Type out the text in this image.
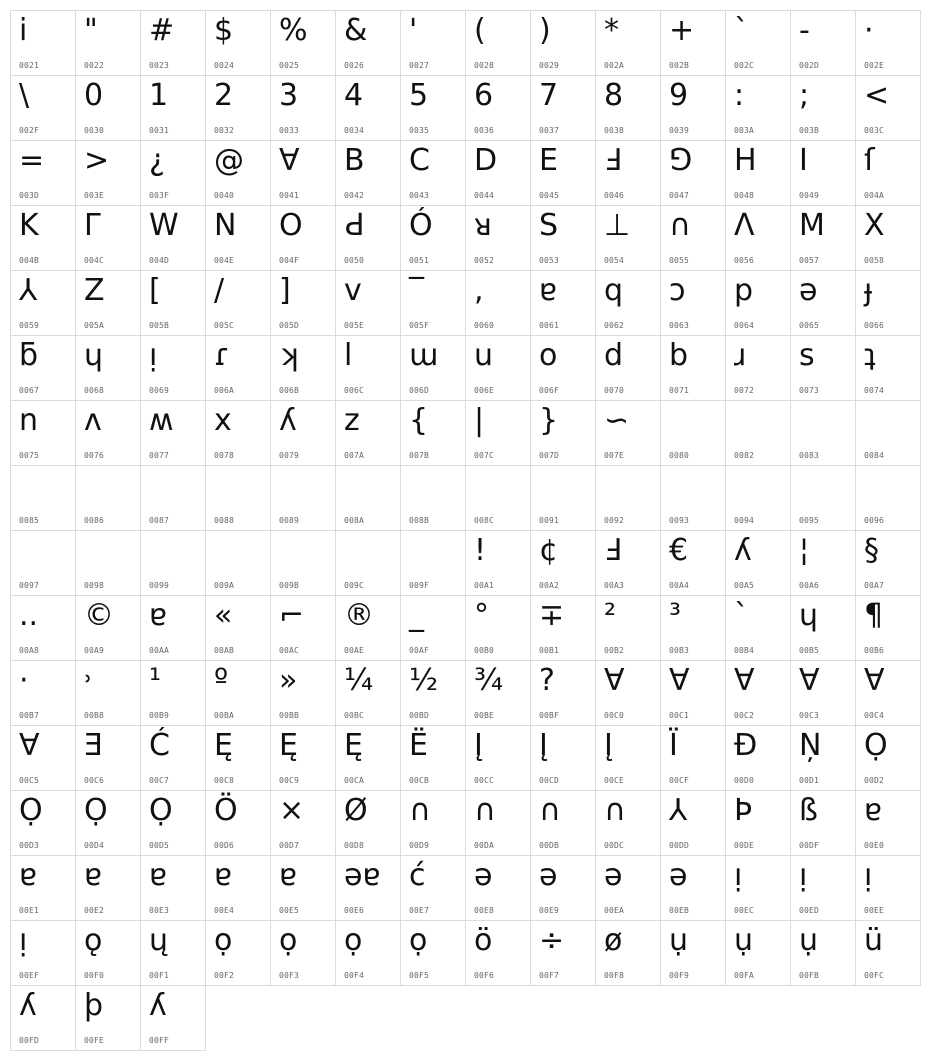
i
0021
"
0022
#
0023
$
0024
%
0025
&
0026
'
0027
(
0028
)
0029
*
002A
+
002B
`
002C
-
002D
·
002E
\
002F
0
0030
1
0031
2
0032
3
0033
4
0034
5
0035
6
0036
7
0037
8
0038
9
0039
:
003A
;
003B
<
003C
=
003D
>
003E
¿
003F
@
0040
∀
0041
B
0042
C
0043
D
0044
E
0045
Ⅎ
0046
⅁
0047
H
0048
I
0049
ſ
004A
K
004B
Γ
004C
W
004D
N
004E
O
004F
Ԁ
0050
Ó
0051
ᴚ
0052
S
0053
⊥
0054
∩
0055
Λ
0056
M
0057
X
0058
⅄
0059
Z
005A
[
005B
/
005C
]
005D
v
005E
‾
005F
,
0060
ɐ
0061
q
0062
ɔ
0063
p
0064
ǝ
0065
ɟ
0066
ƃ
0067
ɥ
0068
ᴉ
0069
ɾ
006A
ʞ
006B
l
006C
ɯ
006D
u
006E
o
006F
d
0070
b
0071
ɹ
0072
s
0073
ʇ
0074
n
0075
ʌ
0076
ʍ
0077
x
0078
ʎ
0079
z
007A
{
007B
|
007C
}
007D
∽
007E	0080	0082	0083	0084
0085	0086	0087	0088	0089	008A	008B	008C	0091	0092	0093	0094	0095	0096
0097	0098	0099	009A	009B	009C	009F
!
00A1
¢
00A2
Ⅎ
00A3
€
00A4
ʎ
00A5
¦
00A6
§
00A7
..
00A8
©
00A9
ɐ
00AA
«
00AB
⌐
00AC
®
00AE
_
00AF
°
00B0
∓
00B1
²
00B2
³
00B3
`
00B4
ɥ
00B5
¶
00B6
·
00B7
˒
00B8
¹
00B9
º
00BA
»
00BB
¼
00BC
½
00BD
¾
00BE
?
00BF
∀
00C0
∀
00C1
∀
00C2
∀
00C3
∀
00C4
∀
00C5
Ǝ
00C6
Ć
00C7
Ę
00C8
Ę
00C9
Ę
00CA
Ë
00CB
Į
00CC
Į
00CD
Į
00CE
Ï
00CF
Đ
00D0
Ņ
00D1
Ọ
00D2
Ọ
00D3
Ọ
00D4
Ọ
00D5
Ö
00D6
×
00D7
Ø
00D8
∩
00D9
∩
00DA
∩
00DB
∩
00DC
⅄
00DD
Þ
00DE
ß
00DF
ɐ
00E0
ɐ
00E1
ɐ
00E2
ɐ
00E3
ɐ
00E4
ɐ
00E5
ǝɐ
00E6
ć
00E7
ǝ
00E8
ǝ
00E9
ǝ
00EA
ǝ
00EB
ᴉ
00EC
ᴉ
00ED
ᴉ
00EE
ᴉ
00EF
ǫ
00F0
ų
00F1
ọ
00F2
ọ
00F3
ọ
00F4
ọ
00F5
ö
00F6
÷
00F7
ø
00F8
ụ
00F9
ụ
00FA
ụ
00FB
ü
00FC
ʎ
00FD
þ
00FE
ʎ
00FF
